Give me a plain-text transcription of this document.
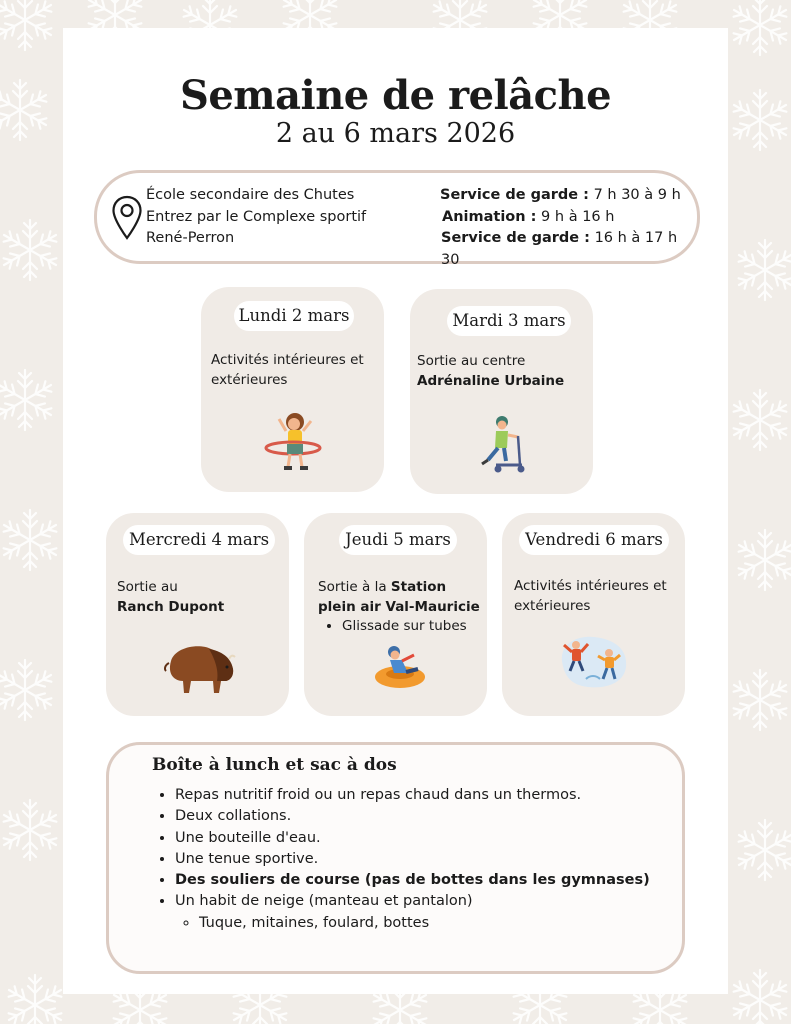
Semaine de relâche
2 au 6 mars 2026
École secondaire des Chutes
Entrez par le Complexe sportif
René-Perron
Service de garde : 7 h 30 à 9 h
Animation : 9 h à 16 h
Service de garde : 16 h à 17 h 30
Lundi 2 mars
Activités intérieures et extérieures
Mardi 3 mars
Sortie au centre
Adrénaline Urbaine
Mercredi 4 mars
Sortie au
Ranch Dupont
Jeudi 5 mars
Sortie à la Station plein air Val-Mauricie
• Glissade sur tubes
Vendredi 6 mars
Activités intérieures et extérieures
Boîte à lunch et sac à dos
• Repas nutritif froid ou un repas chaud dans un thermos.
• Deux collations.
• Une bouteille d'eau.
• Une tenue sportive.
• Des souliers de course (pas de bottes dans les gymnases)
• Un habit de neige (manteau et pantalon)
◦ Tuque, mitaines, foulard, bottes
